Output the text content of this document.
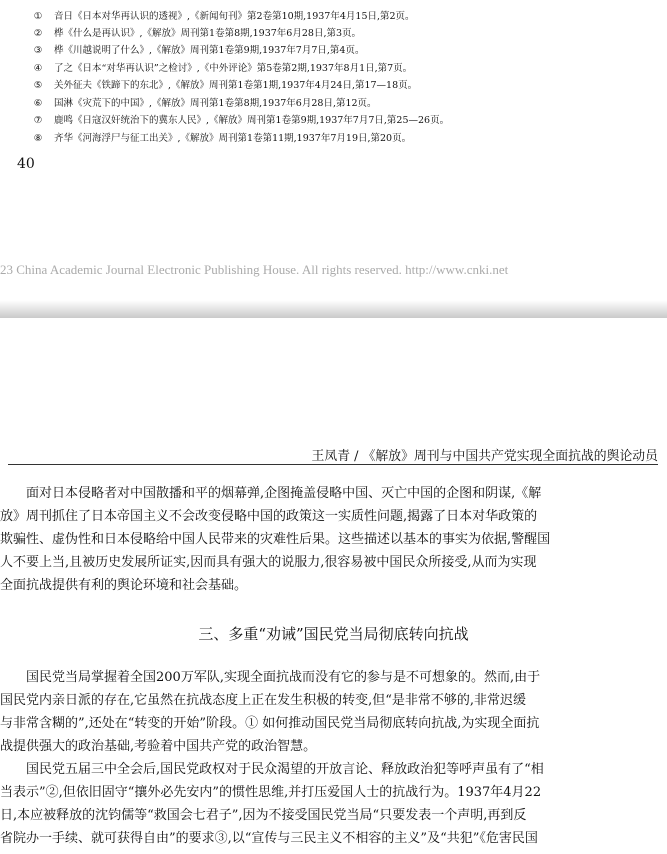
① 音日《日本对华再认识的透视》,《新闻旬刊》第2卷第10期,1937年4月15日,第2页。
② 桦《什么是再认识》,《解放》周刊第1卷第8期,1937年6月28日,第3页。
③ 桦《川越说明了什么》,《解放》周刊第1卷第9期,1937年7月7日,第4页。
④ 了之《日本“对华再认识”之检讨》,《中外评论》第5卷第2期,1937年8月1日,第7页。
⑤ 关外征夫《铁蹄下的东北》,《解放》周刊第1卷第1期,1937年4月24日,第17—18页。
⑥ 国淋《灾荒下的中国》,《解放》周刊第1卷第8期,1937年6月28日,第12页。
⑦ 鹿鸣《日寇汉奸统治下的冀东人民》,《解放》周刊第1卷第9期,1937年7月7日,第25—26页。
⑧ 齐华《河海浮尸与征工出关》,《解放》周刊第1卷第11期,1937年7月19日,第20页。
40
23 China Academic Journal Electronic Publishing House. All rights reserved. http://www.cnki.net
王凤青 / 《解放》周刊与中国共产党实现全面抗战的舆论动员
　　面对日本侵略者对中国散播和平的烟幕弹,企图掩盖侵略中国、灭亡中国的企图和阴谋,《解
放》周刊抓住了日本帝国主义不会改变侵略中国的政策这一实质性问题,揭露了日本对华政策的
欺骗性、虚伪性和日本侵略给中国人民带来的灾难性后果。这些描述以基本的事实为依据,警醒国
人不要上当,且被历史发展所证实,因而具有强大的说服力,很容易被中国民众所接受,从而为实现
全面抗战提供有利的舆论环境和社会基础。
三、多重“劝诫”国民党当局彻底转向抗战
　　国民党当局掌握着全国200万军队,实现全面抗战而没有它的参与是不可想象的。然而,由于
国民党内亲日派的存在,它虽然在抗战态度上正在发生积极的转变,但“是非常不够的,非常迟缓
与非常含糊的”,还处在“转变的开始”阶段。① 如何推动国民党当局彻底转向抗战,为实现全面抗
战提供强大的政治基础,考验着中国共产党的政治智慧。
　　国民党五届三中全会后,国民党政权对于民众渴望的开放言论、释放政治犯等呼声虽有了“相
当表示”②,但依旧固守“攘外必先安内”的惯性思维,并打压爱国人士的抗战行为。1937年4月22
日,本应被释放的沈钧儒等“救国会七君子”,因为不接受国民党当局“只要发表一个声明,再到反
省院办一手续、就可获得自由”的要求③,以“宣传与三民主义不相容的主义”及“共犯”《危害民国
